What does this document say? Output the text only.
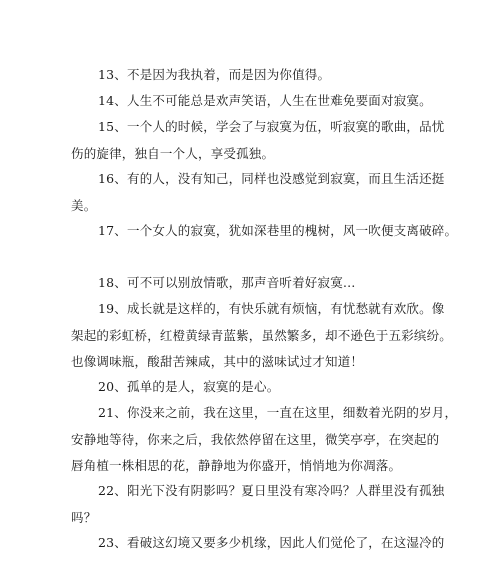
13、不是因为我执着，而是因为你值得。

14、人生不可能总是欢声笑语，人生在世难免要面对寂寞。

15、一个人的时候，学会了与寂寞为伍，听寂寞的歌曲，品忧
伤的旋律，独自一个人，享受孤独。

16、有的人，没有知己，同样也没感觉到寂寞，而且生活还挺
美。

17、一个女人的寂寞，犹如深巷里的槐树，风一吹便支离破碎。

18、可不可以别放情歌，那声音听着好寂寞…

19、成长就是这样的，有快乐就有烦恼，有忧愁就有欢欣。像
架起的彩虹桥，红橙黄绿青蓝紫，虽然繁多，却不逊色于五彩缤纷。
也像调味瓶，酸甜苦辣咸，其中的滋味试过才知道！

20、孤单的是人，寂寞的是心。

21、你没来之前，我在这里，一直在这里，细数着光阴的岁月，
安静地等待，你来之后，我依然停留在这里，微笑亭亭，在突起的
唇角植一株相思的花，静静地为你盛开，悄悄地为你凋落。

22、阳光下没有阴影吗？夏日里没有寒冷吗？人群里没有孤独
吗？

23、看破这幻境又要多少机缘，因此人们觉伦了，在这湿冷的
